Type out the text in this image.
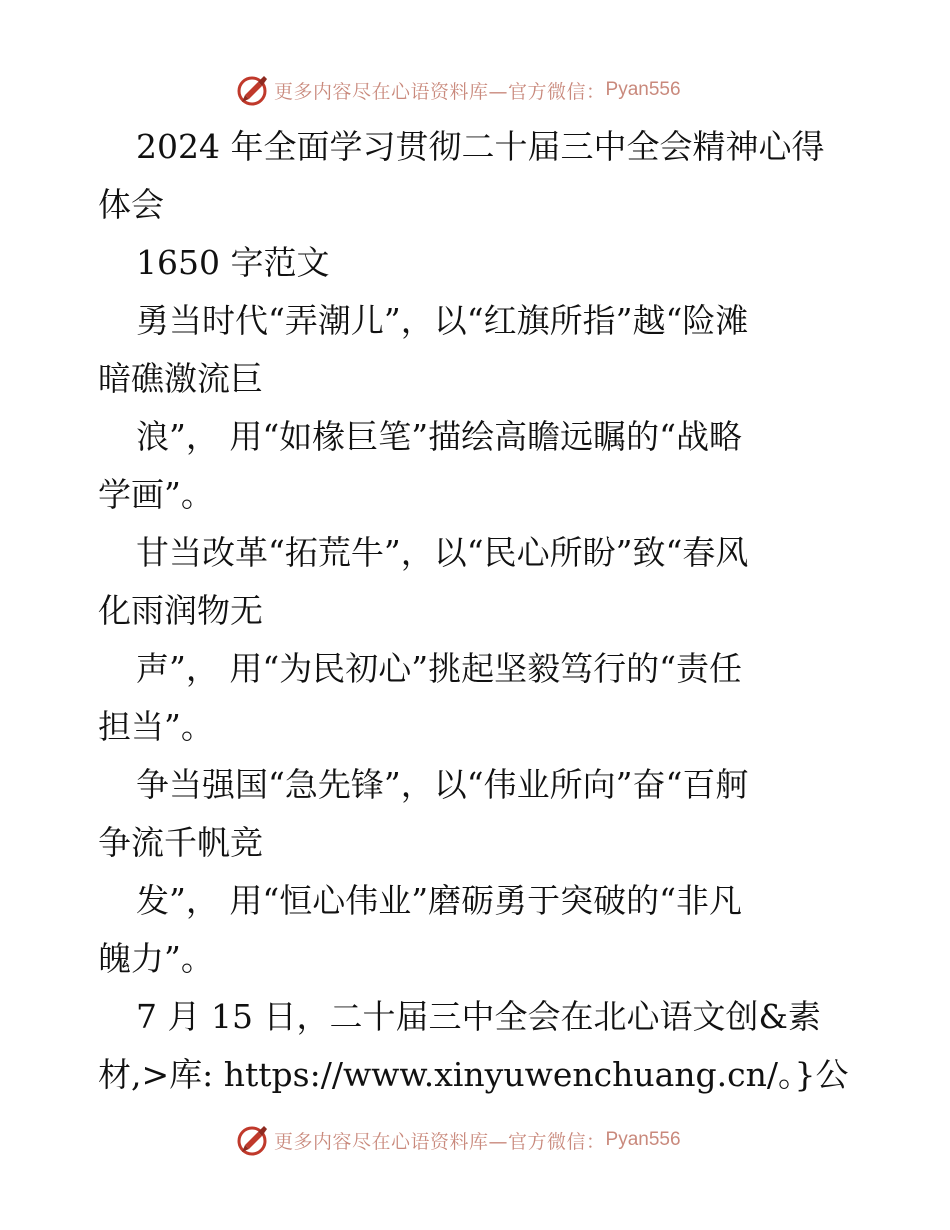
更多内容尽在心语资料库—官方微信： Pyan556
2024 年全面学习贯彻二十届三中全会精神心得
体会
1650 字范文
勇当时代“弄潮儿”，以“红旗所指”越“险滩
暗礁激流巨
浪”， 用“如椽巨笔”描绘高瞻远瞩的“战略
学画”。
甘当改革“拓荒牛”，以“民心所盼”致“春风
化雨润物无
声”， 用“为民初心”挑起坚毅笃行的“责任
担当”。
争当强国“急先锋”，以“伟业所向”奋“百舸
争流千帆竞
发”， 用“恒心伟业”磨砺勇于突破的“非凡
魄力”。
7 月 15 日，二十届三中全会在北心语文创&素
材,>库: https://www.xinyuwenchuang.cn/。}公
更多内容尽在心语资料库—官方微信： Pyan556
